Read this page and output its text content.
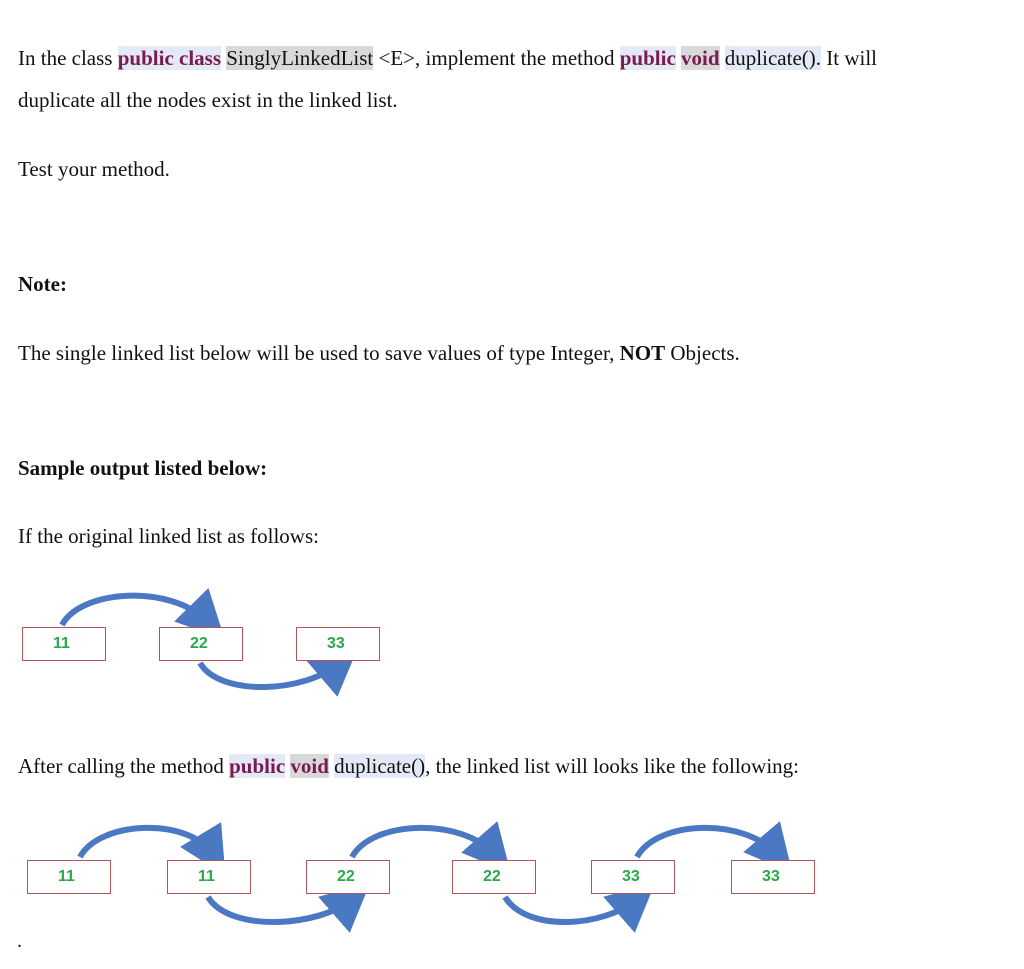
In the class public class SinglyLinkedList <E>, implement the method public void duplicate(). It will
duplicate all the nodes exist in the linked list.
Test your method.
Note:
The single linked list below will be used to save values of type Integer, NOT Objects.
Sample output listed below:
If the original linked list as follows:
11	22	33
After calling the method public void duplicate(), the linked list will looks like the following:
11	11	22	22	33	33
.
